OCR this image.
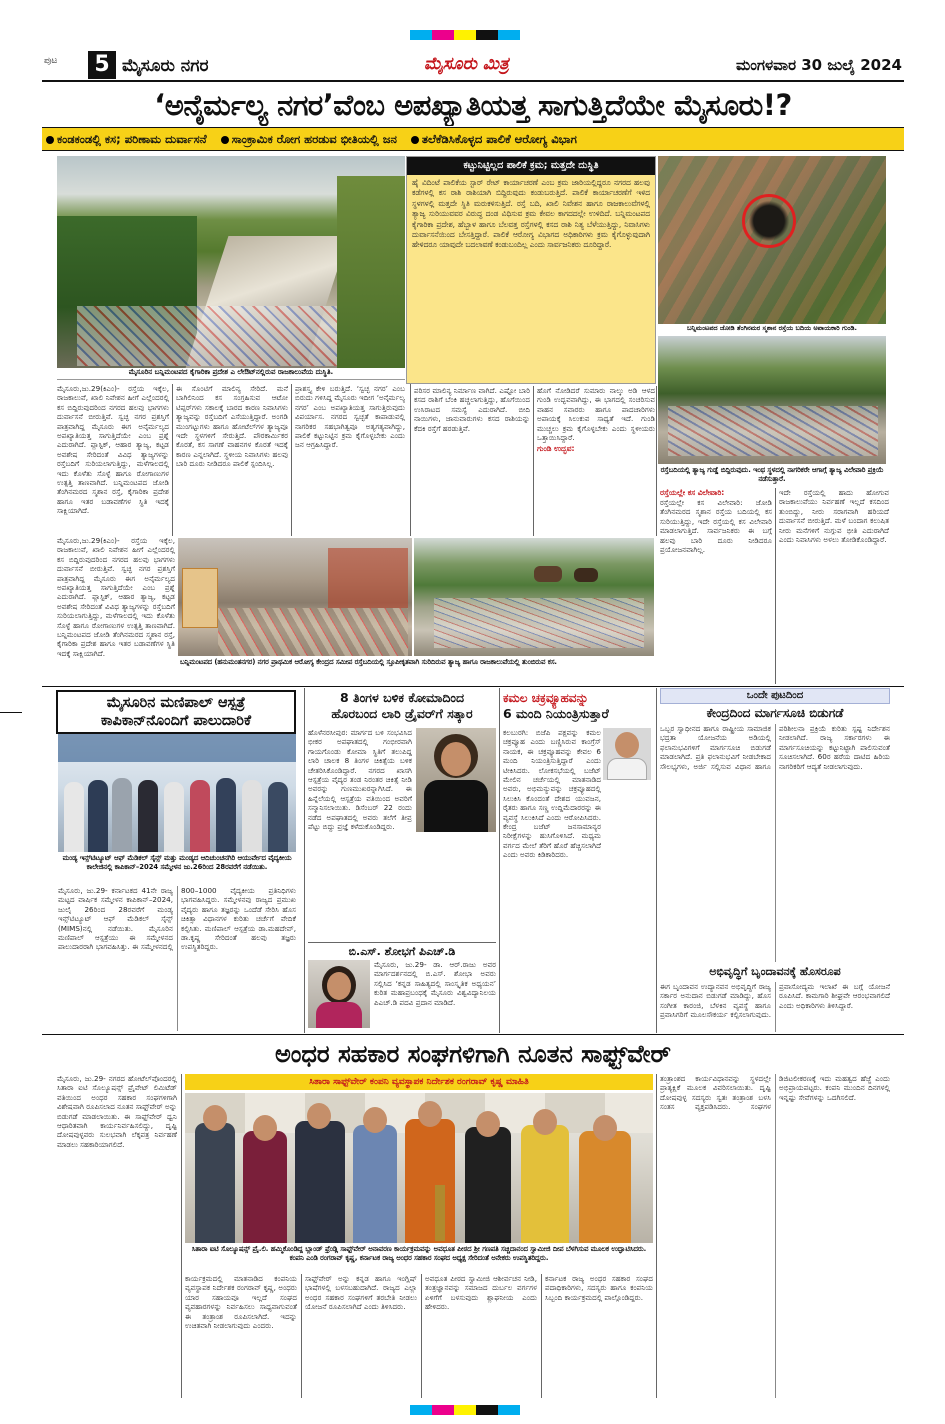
ಪುಟ 5 ಮೈಸೂರು ನಗರ	ಮೈಸೂರು ಮಿತ್ರ	ಮಂಗಳವಾರ 30 ಜುಲೈ 2024
‘ಅನೈರ್ಮಲ್ಯ ನಗರ’ವೆಂಬ ಅಪಖ್ಯಾತಿಯತ್ತ ಸಾಗುತ್ತಿದೆಯೇ ಮೈಸೂರು!?
ಕಂಡಕಂಡಲ್ಲಿ ಕಸ; ಪರಿಣಾಮ ದುರ್ವಾಸನೆ ಸಾಂಕ್ರಾಮಿಕ ರೋಗ ಹರಡುವ ಭೀತಿಯಲ್ಲಿ ಜನ ತಲೆಕೆಡಿಸಿಕೊಳ್ಳದ ಪಾಲಿಕೆ ಆರೋಗ್ಯ ವಿಭಾಗ
ಮೈಸೂರಿನ ಬನ್ನಿಮಂಟಪದ ಕೈಗಾರಿಕಾ ಪ್ರದೇಶ ಎ ಲೇಔಟ್‌ನಲ್ಲಿರುವ ರಾಜಕಾಲುವೆಯ ದುಸ್ಥಿತಿ.
ಕಟ್ಟುನಿಟ್ಟಿಲ್ಲದ ಪಾಲಿಕೆ ಕ್ರಮ; ಮತ್ತದೇ ದುಸ್ಥಿತಿ
ಹೈ ವಿದಿಂಟೆ ಪಾಲಿಕೆಯ ಸ್ಟಾರ್ ರೇಟ್ ಕಾರ್ಯಾಚರಣೆ ಎಂಬ ಕ್ರಮ ಜಾರಿಯಲ್ಲಿದ್ದರೂ ನಗರದ ಹಲವು ಕಡೆಗಳಲ್ಲಿ ಕಸ ರಾಶಿ ರಾಶಿಯಾಗಿ ಬಿದ್ದಿರುವುದು ಕಂಡುಬರುತ್ತಿದೆ. ಪಾಲಿಕೆ ಕಾರ್ಯಾಚರಣೆಗೆ ಇಳಿದ ಸ್ಥಳಗಳಲ್ಲಿ ಮತ್ತದೇ ಸ್ಥಿತಿ ಮರುಕಳಿಸುತ್ತಿದೆ. ರಸ್ತೆ ಬದಿ, ಖಾಲಿ ನಿವೇಶನ ಹಾಗೂ ರಾಜಕಾಲುವೆಗಳಲ್ಲಿ ತ್ಯಾಜ್ಯ ಸುರಿಯುವವರ ವಿರುದ್ಧ ದಂಡ ವಿಧಿಸುವ ಕ್ರಮ ಕೇವಲ ಕಾಗದದಲ್ಲೇ ಉಳಿದಿದೆ. ಬನ್ನಿಮಂಟಪದ ಕೈಗಾರಿಕಾ ಪ್ರದೇಶ, ಹೆಬ್ಬಾಳ ಹಾಗೂ ಬೆಲವತ್ತ ರಸ್ತೆಗಳಲ್ಲಿ ಕಸದ ರಾಶಿ ನಿತ್ಯ ಬೆಳೆಯುತ್ತಿದ್ದು, ನಿವಾಸಿಗಳು ದುರ್ವಾಸನೆಯಿಂದ ಬೇಸತ್ತಿದ್ದಾರೆ. ಪಾಲಿಕೆ ಆರೋಗ್ಯ ವಿಭಾಗದ ಅಧಿಕಾರಿಗಳು ಕ್ರಮ ಕೈಗೊಳ್ಳುವುದಾಗಿ ಹೇಳಿದರೂ ಯಾವುದೇ ಬದಲಾವಣೆ ಕಂಡುಬಂದಿಲ್ಲ ಎಂದು ಸಾರ್ವಜನಿಕರು ದೂರಿದ್ದಾರೆ.
ಬನ್ನಿಮಂಟಪದ ಜೋಡಿ ತೆಂಗಿನಮರ ಸ್ಮಶಾನ ರಸ್ತೆಯ ಬದಿಯ ಅಪಾಯಕಾರಿ ಗುಂಡಿ.
ರಸ್ತೆಬದಿಯಲ್ಲಿ ತ್ಯಾಜ್ಯ ಗುಡ್ಡೆ ಬಿದ್ದಿರುವುದು. ಇಂಥ ಸ್ಥಳದಲ್ಲಿ ನಾಗರಿಕರೇ ಆಗಾಗ್ಗೆ ತ್ಯಾಜ್ಯ ವಿಲೇವಾರಿ ಪ್ರಕ್ರಿಯೆ ನಡೆಸುತ್ತಾರೆ.
ಮೈಸೂರು,ಜು.29(ಕಿಎಂ)- ರಸ್ತೆಯ ಇಕ್ಕೆಲ, ರಾಜಕಾಲುವೆ, ಖಾಲಿ ನಿವೇಶನ ಹೀಗೆ ಎಲ್ಲೆಂದರಲ್ಲಿ ಕಸ ಬಿದ್ದಿರುವುದರಿಂದ ನಗರದ ಹಲವು ಭಾಗಗಳು ದುರ್ವಾಸನೆ ಬೀರುತ್ತಿವೆ. ಸ್ವಚ್ಛ ನಗರ ಪ್ರಶಸ್ತಿಗೆ ಪಾತ್ರವಾಗಿದ್ದ ಮೈಸೂರು ಈಗ ಅನೈರ್ಮಲ್ಯದ ಅಪಖ್ಯಾತಿಯತ್ತ ಸಾಗುತ್ತಿದೆಯೇ ಎಂಬ ಪ್ರಶ್ನೆ ಎದುರಾಗಿದೆ. ಪ್ಲಾಸ್ಟಿಕ್, ಆಹಾರ ತ್ಯಾಜ್ಯ, ಕಟ್ಟಡ ಅವಶೇಷ ಸೇರಿದಂತೆ ವಿವಿಧ ತ್ಯಾಜ್ಯಗಳನ್ನು ರಸ್ತೆಬದಿಗೆ ಸುರಿಯಲಾಗುತ್ತಿದ್ದು, ಮಳೆಗಾಲದಲ್ಲಿ ಇದು ಕೊಳೆತು ಸೊಳ್ಳೆ ಹಾಗೂ ರೋಗಾಣುಗಳ ಉತ್ಪತ್ತಿ ತಾಣವಾಗಿದೆ. ಬನ್ನಿಮಂಟಪದ ಜೋಡಿ ತೆಂಗಿನಮರದ ಸ್ಮಶಾನ ರಸ್ತೆ, ಕೈಗಾರಿಕಾ ಪ್ರದೇಶ ಹಾಗೂ ಇತರ ಬಡಾವಣೆಗಳ ಸ್ಥಿತಿ ಇದಕ್ಕೆ ಸಾಕ್ಷಿಯಾಗಿದೆ.
ಈ ಸೊಂಟಿಗೆ ಮಾಲಿನ್ಯ ಸೇರಿದೆ. ಮನೆ ಬಾಗಿಲಿನಿಂದ ಕಸ ಸಂಗ್ರಹಿಸುವ ಆಟೋ ಟಿಪ್ಪರ್‌ಗಳು ಸಕಾಲಕ್ಕೆ ಬಾರದ ಕಾರಣ ನಿವಾಸಿಗಳು ತ್ಯಾಜ್ಯವನ್ನು ರಸ್ತೆಬದಿಗೆ ಎಸೆಯುತ್ತಿದ್ದಾರೆ. ಅಂಗಡಿ ಮುಂಗಟ್ಟುಗಳು ಹಾಗೂ ಹೋಟೆಲ್‌ಗಳ ತ್ಯಾಜ್ಯವೂ ಇದೇ ಸ್ಥಳಗಳಿಗೆ ಸೇರುತ್ತಿದೆ. ಪೌರಕಾರ್ಮಿಕರ ಕೊರತೆ, ಕಸ ಸಾಗಣೆ ವಾಹನಗಳ ಕೊರತೆ ಇದಕ್ಕೆ ಕಾರಣ ಎನ್ನಲಾಗಿದೆ. ಸ್ಥಳೀಯ ನಿವಾಸಿಗಳು ಹಲವು ಬಾರಿ ದೂರು ನೀಡಿದರೂ ಪಾಲಿಕೆ ಸ್ಪಂದಿಸಿಲ್ಲ.
ಪ್ರಾಶಸ್ತ್ಯ ಕೇಳಿ ಬರುತ್ತಿದೆ. ‘ಸ್ವಚ್ಛ ನಗರ’ ಎಂಬ ಬಿರುದು ಗಳಿಸಿದ್ದ ಮೈಸೂರು ಇದೀಗ ‘ಅನೈರ್ಮಲ್ಯ ನಗರ’ ಎಂಬ ಅಪಖ್ಯಾತಿಯತ್ತ ಸಾಗುತ್ತಿರುವುದು ವಿಪರ್ಯಾಸ. ನಗರದ ಸ್ವಚ್ಛತೆ ಕಾಪಾಡುವಲ್ಲಿ ನಾಗರಿಕರ ಸಹಭಾಗಿತ್ವವೂ ಅತ್ಯಗತ್ಯವಾಗಿದ್ದು, ಪಾಲಿಕೆ ಕಟ್ಟುನಿಟ್ಟಿನ ಕ್ರಮ ಕೈಗೊಳ್ಳಬೇಕು ಎಂದು ಜನ ಆಗ್ರಹಿಸಿದ್ದಾರೆ.
ಪರಿಸರ ಮಾಲಿನ್ಯ ನಿರ್ಮಾಣ ವಾಗಿದೆ. ಎಷ್ಟೋ ಬಾರಿ ಕಸದ ರಾಶಿಗೆ ಬೆಂಕಿ ಹಚ್ಚಲಾಗುತ್ತಿದ್ದು, ಹೊಗೆಯಿಂದ ಉಸಿರಾಟದ ಸಮಸ್ಯೆ ಎದುರಾಗಿದೆ. ಬೀದಿ ನಾಯಿಗಳು, ಜಾನುವಾರುಗಳು ಕಸದ ರಾಶಿಯನ್ನು ಕೆದಕಿ ರಸ್ತೆಗೆ ಹರಡುತ್ತಿವೆ.
ಹೊಗೆ ನೋಡಿದರೆ ಸುಮಾರು ನಾಲ್ಕು ಅಡಿ ಆಳದ ಗುಂಡಿ ಉದ್ಭವವಾಗಿದ್ದು, ಈ ಭಾಗದಲ್ಲಿ ಸಂಚರಿಸುವ ವಾಹನ ಸವಾರರು ಹಾಗೂ ಪಾದಚಾರಿಗಳು ಅಪಾಯಕ್ಕೆ ಸಿಲುಕುವ ಸಾಧ್ಯತೆ ಇದೆ. ಗುಂಡಿ ಮುಚ್ಚಲು ಕ್ರಮ ಕೈಗೊಳ್ಳಬೇಕು ಎಂದು ಸ್ಥಳೀಯರು ಒತ್ತಾಯಿಸಿದ್ದಾರೆ.
ಗುಂಡಿ ಉದ್ಭವ:
ರಸ್ತೆಯಲ್ಲೇ ಕಸ ವಿಲೇವಾರಿ:
ರಸ್ತೆಯಲ್ಲೇ ಕಸ ವಿಲೇವಾರಿ: ಜೋಡಿ ತೆಂಗಿನಮರದ ಸ್ಮಶಾನ ರಸ್ತೆಯ ಬದಿಯಲ್ಲಿ ಕಸ ಸುರಿಯುತ್ತಿದ್ದು, ಇದೇ ರಸ್ತೆಯಲ್ಲಿ ಕಸ ವಿಲೇವಾರಿ ಮಾಡಲಾಗುತ್ತಿದೆ. ಸಾರ್ವಜನಿಕರು ಈ ಬಗ್ಗೆ ಹಲವು ಬಾರಿ ದೂರು ನೀಡಿದರೂ ಪ್ರಯೋಜನವಾಗಿಲ್ಲ.
ಇದೇ ರಸ್ತೆಯಲ್ಲಿ ಹಾದು ಹೋಗುವ ರಾಜಕಾಲುವೆಯು ನಿರ್ವಹಣೆ ಇಲ್ಲದೆ ಕಸದಿಂದ ತುಂಬಿದ್ದು, ನೀರು ಸರಾಗವಾಗಿ ಹರಿಯದೆ ದುರ್ವಾಸನೆ ಬೀರುತ್ತಿದೆ. ಮಳೆ ಬಂದಾಗ ಕಲುಷಿತ ನೀರು ಮನೆಗಳಿಗೆ ನುಗ್ಗುವ ಭೀತಿ ಎದುರಾಗಿದೆ ಎಂದು ನಿವಾಸಿಗಳು ಅಳಲು ತೋಡಿಕೊಂಡಿದ್ದಾರೆ.
ಮೈಸೂರು,ಜು.29(ಕಿಎಂ)- ರಸ್ತೆಯ ಇಕ್ಕೆಲ, ರಾಜಕಾಲುವೆ, ಖಾಲಿ ನಿವೇಶನ ಹೀಗೆ ಎಲ್ಲೆಂದರಲ್ಲಿ ಕಸ ಬಿದ್ದಿರುವುದರಿಂದ ನಗರದ ಹಲವು ಭಾಗಗಳು ದುರ್ವಾಸನೆ ಬೀರುತ್ತಿವೆ. ಸ್ವಚ್ಛ ನಗರ ಪ್ರಶಸ್ತಿಗೆ ಪಾತ್ರವಾಗಿದ್ದ ಮೈಸೂರು ಈಗ ಅನೈರ್ಮಲ್ಯದ ಅಪಖ್ಯಾತಿಯತ್ತ ಸಾಗುತ್ತಿದೆಯೇ ಎಂಬ ಪ್ರಶ್ನೆ ಎದುರಾಗಿದೆ. ಪ್ಲಾಸ್ಟಿಕ್, ಆಹಾರ ತ್ಯಾಜ್ಯ, ಕಟ್ಟಡ ಅವಶೇಷ ಸೇರಿದಂತೆ ವಿವಿಧ ತ್ಯಾಜ್ಯಗಳನ್ನು ರಸ್ತೆಬದಿಗೆ ಸುರಿಯಲಾಗುತ್ತಿದ್ದು, ಮಳೆಗಾಲದಲ್ಲಿ ಇದು ಕೊಳೆತು ಸೊಳ್ಳೆ ಹಾಗೂ ರೋಗಾಣುಗಳ ಉತ್ಪತ್ತಿ ತಾಣವಾಗಿದೆ. ಬನ್ನಿಮಂಟಪದ ಜೋಡಿ ತೆಂಗಿನಮರದ ಸ್ಮಶಾನ ರಸ್ತೆ, ಕೈಗಾರಿಕಾ ಪ್ರದೇಶ ಹಾಗೂ ಇತರ ಬಡಾವಣೆಗಳ ಸ್ಥಿತಿ ಇದಕ್ಕೆ ಸಾಕ್ಷಿಯಾಗಿದೆ.
ಬನ್ನಿಮಂಟಪದ (ಹನುಮಂತನಗರ) ನಗರ ಪ್ರಾಥಮಿಕ ಆರೋಗ್ಯ ಕೇಂದ್ರದ ಸಮೀಪ ರಸ್ತೆಬದಿಯಲ್ಲಿ ಸ್ತೂಪೀಕೃತವಾಗಿ ಸುರಿದಿರುವ ತ್ಯಾಜ್ಯ ಹಾಗೂ ರಾಜಕಾಲುವೆಯಲ್ಲಿ ತುಂಬಿರುವ ಕಸ.
ಮೈಸೂರಿನ ಮಣಿಪಾಲ್ ಆಸ್ಪತ್ರೆ
ಕಾಪಿಕಾನ್‌ನೊಂದಿಗೆ ಪಾಲುದಾರಿಕೆ
ಮಂಡ್ಯ ಇನ್ಸ್‌ಟಿಟ್ಯೂಟ್ ಆಫ್ ಮೆಡಿಕಲ್ ಸೈನ್ಸ್ ಮತ್ತು ಮಂಡ್ಯದ ಆದಿಚುಂಚನಗಿರಿ ಆಯುರ್ವೇದ ವೈದ್ಯಕೀಯ ಕಾಲೇಜಿನಲ್ಲಿ ಕಾಪಿಕಾನ್–2024 ಸಮ್ಮೇಳನ ಜು.26ರಿಂದ 28ರವರೆಗೆ ನಡೆಯಿತು.
ಮೈಸೂರು, ಜು.29- ಕರ್ನಾಟಕದ 41ನೇ ರಾಜ್ಯ ಮಟ್ಟದ ವಾರ್ಷಿಕ ಸಮ್ಮೇಳನ ಕಾಪಿಕಾನ್–2024, ಜುಲೈ 26ರಿಂದ 28ರವರೆಗೆ ಮಂಡ್ಯ ಇನ್ಸ್‌ಟಿಟ್ಯೂಟ್ ಆಫ್ ಮೆಡಿಕಲ್ ಸೈನ್ಸ್ (MIMS)ನಲ್ಲಿ ನಡೆಯಿತು. ಮೈಸೂರಿನ ಮಣಿಪಾಲ್ ಆಸ್ಪತ್ರೆಯು ಈ ಸಮ್ಮೇಳನದ ಪಾಲುದಾರರಾಗಿ ಭಾಗವಹಿಸಿತ್ತು. ಈ ಸಮ್ಮೇಳನದಲ್ಲಿ 800–1000 ವೈದ್ಯಕೀಯ ಪ್ರತಿನಿಧಿಗಳು ಭಾಗವಹಿಸಿದ್ದರು. ಸಮ್ಮೇಳನವು ರಾಜ್ಯದ ಪ್ರಮುಖ ವೈದ್ಯರು ಹಾಗೂ ತಜ್ಞರನ್ನು ಒಂದೆಡೆ ಸೇರಿಸಿ ಹೊಸ ಚಿಕಿತ್ಸಾ ವಿಧಾನಗಳ ಕುರಿತು ಚರ್ಚೆಗೆ ವೇದಿಕೆ ಕಲ್ಪಿಸಿತು. ಮಣಿಪಾಲ್ ಆಸ್ಪತ್ರೆಯ ಡಾ.ಮಹದೇವ್, ಡಾ.ಕೃಷ್ಣ ಸೇರಿದಂತೆ ಹಲವು ತಜ್ಞರು ಉಪಸ್ಥಿತರಿದ್ದರು.
8 ತಿಂಗಳ ಬಳಿಕ ಕೋಮಾದಿಂದ
ಹೊರಬಂದ ಲಾರಿ ಡ್ರೈವರ್‌ಗೆ ಸತ್ಕಾರ
ಹೊಳೆನರಸೀಪುರ: ಮಾರ್ಗದ ಬಳಿ ಸಂಭವಿಸಿದ ಭೀಕರ ಅಪಘಾತದಲ್ಲಿ ಗಂಭೀರವಾಗಿ ಗಾಯಗೊಂಡು ಕೋಮಾ ಸ್ಥಿತಿಗೆ ತಲುಪಿದ್ದ ಲಾರಿ ಚಾಲಕ 8 ತಿಂಗಳ ಚಿಕಿತ್ಸೆಯ ಬಳಿಕ ಚೇತರಿಸಿಕೊಂಡಿದ್ದಾರೆ. ನಗರದ ಖಾಸಗಿ ಆಸ್ಪತ್ರೆಯ ವೈದ್ಯರ ತಂಡ ನಿರಂತರ ಚಿಕಿತ್ಸೆ ನೀಡಿ ಅವರನ್ನು ಗುಣಮುಖರನ್ನಾಗಿಸಿದೆ. ಈ ಹಿನ್ನೆಲೆಯಲ್ಲಿ ಆಸ್ಪತ್ರೆಯ ವತಿಯಿಂದ ಅವರಿಗೆ ಸನ್ಮಾನಿಸಲಾಯಿತು. ಡಿಸೆಂಬರ್ 22 ರಂದು ನಡೆದ ಅಪಘಾತದಲ್ಲಿ ಅವರು ತಲೆಗೆ ತೀವ್ರ ಪೆಟ್ಟು ಬಿದ್ದು ಪ್ರಜ್ಞೆ ಕಳೆದುಕೊಂಡಿದ್ದರು.
ಬಿ.ಎಸ್. ಶೋಭಗೆ ಪಿಎಚ್.ಡಿ
ಮೈಸೂರು, ಜು.29- ಡಾ. ಆರ್.ರಾಜು ಅವರ ಮಾರ್ಗದರ್ಶನದಲ್ಲಿ ಬಿ.ಎಸ್. ಶೋಭಾ ಅವರು ಸಲ್ಲಿಸಿದ ‘ಕನ್ನಡ ಸಾಹಿತ್ಯದಲ್ಲಿ ಸಾಂಸ್ಕೃತಿಕ ಅಧ್ಯಯನ’ ಕುರಿತ ಮಹಾಪ್ರಬಂಧಕ್ಕೆ ಮೈಸೂರು ವಿಶ್ವವಿದ್ಯಾನಿಲಯ ಪಿಎಚ್.ಡಿ ಪದವಿ ಪ್ರದಾನ ಮಾಡಿದೆ.
ಕಮಲ ಚಕ್ರವ್ಯೂಹವನ್ನು
6 ಮಂದಿ ನಿಯಂತ್ರಿಸುತ್ತಾರೆ
ಕಲಬುರಗಿ: ಬಿಜೆಪಿ ಪಕ್ಷವನ್ನು ಕಮಲ ಚಕ್ರವ್ಯೂಹ ಎಂದು ಬಣ್ಣಿಸಿರುವ ಕಾಂಗ್ರೆಸ್ ನಾಯಕ, ಈ ಚಕ್ರವ್ಯೂಹವನ್ನು ಕೇವಲ 6 ಮಂದಿ ನಿಯಂತ್ರಿಸುತ್ತಿದ್ದಾರೆ ಎಂದು ಟೀಕಿಸಿದರು. ಲೋಕಸಭೆಯಲ್ಲಿ ಬಜೆಟ್ ಮೇಲಿನ ಚರ್ಚೆಯಲ್ಲಿ ಮಾತನಾಡಿದ ಅವರು, ಅಭಿಮನ್ಯುವನ್ನು ಚಕ್ರವ್ಯೂಹದಲ್ಲಿ ಸಿಲುಕಿಸಿ ಕೊಂದಂತೆ ದೇಶದ ಯುವಜನ, ರೈತರು ಹಾಗೂ ಸಣ್ಣ ಉದ್ದಿಮೆದಾರರನ್ನು ಈ ವ್ಯವಸ್ಥೆ ಸಿಲುಕಿಸಿದೆ ಎಂದು ಆರೋಪಿಸಿದರು. ಕೇಂದ್ರ ಬಜೆಟ್ ಜನಸಾಮಾನ್ಯರ ನಿರೀಕ್ಷೆಗಳನ್ನು ಹುಸಿಗೊಳಿಸಿದೆ. ಮಧ್ಯಮ ವರ್ಗದ ಮೇಲೆ ತೆರಿಗೆ ಹೊರೆ ಹೆಚ್ಚಿಸಲಾಗಿದೆ ಎಂದು ಅವರು ಕಿಡಿಕಾರಿದರು.
ಒಂದೇ ಪುಟದಿಂದ
ಕೇಂದ್ರದಿಂದ ಮಾರ್ಗಸೂಚಿ ಬಿಡುಗಡೆ
ಒಬ್ಬರ ಸ್ವಾಧೀನದ ಹಾಗೂ ರಾಷ್ಟ್ರೀಯ ಸಾಮಾಜಿಕ ಭದ್ರತಾ ಯೋಜನೆಯ ಅಡಿಯಲ್ಲಿ ಫಲಾನುಭವಿಗಳಿಗೆ ಮಾರ್ಗಸೂಚಿ ಬಿಡುಗಡೆ ಮಾಡಲಾಗಿದೆ. ಪ್ರತಿ ಫಲಾನುಭವಿಗೆ ನೀಡಬೇಕಾದ ಸೌಲಭ್ಯಗಳು, ಅರ್ಜಿ ಸಲ್ಲಿಸುವ ವಿಧಾನ ಹಾಗೂ ಪರಿಶೀಲನಾ ಪ್ರಕ್ರಿಯೆ ಕುರಿತು ಸ್ಪಷ್ಟ ನಿರ್ದೇಶನ ನೀಡಲಾಗಿದೆ. ರಾಜ್ಯ ಸರ್ಕಾರಗಳು ಈ ಮಾರ್ಗಸೂಚಿಯನ್ನು ಕಟ್ಟುನಿಟ್ಟಾಗಿ ಪಾಲಿಸುವಂತೆ ಸೂಚಿಸಲಾಗಿದೆ. 60ರ ಹರೆಯ ದಾಟಿದ ಹಿರಿಯ ನಾಗರಿಕರಿಗೆ ಆದ್ಯತೆ ನೀಡಲಾಗುವುದು.
ಅಭಿವೃದ್ಧಿಗೆ ಬೃಂದಾವನಕ್ಕೆ ಹೊಸರೂಪ
ಈಗ ಬೃಂದಾವನ ಉದ್ಯಾನವನ ಅಭಿವೃದ್ಧಿಗೆ ರಾಜ್ಯ ಸರ್ಕಾರ ಅನುದಾನ ಬಿಡುಗಡೆ ಮಾಡಿದ್ದು, ಹೊಸ ಸಂಗೀತ ಕಾರಂಜಿ, ಬೆಳಕಿನ ವ್ಯವಸ್ಥೆ ಹಾಗೂ ಪ್ರವಾಸಿಗರಿಗೆ ಮೂಲಸೌಕರ್ಯ ಕಲ್ಪಿಸಲಾಗುವುದು. ಪ್ರವಾಸೋದ್ಯಮ ಇಲಾಖೆ ಈ ಬಗ್ಗೆ ಯೋಜನೆ ರೂಪಿಸಿದೆ. ಕಾಮಗಾರಿ ಶೀಘ್ರವೇ ಆರಂಭವಾಗಲಿದೆ ಎಂದು ಅಧಿಕಾರಿಗಳು ತಿಳಿಸಿದ್ದಾರೆ.
ಅಂಧರ ಸಹಕಾರ ಸಂಘಗಳಿಗಾಗಿ ನೂತನ ಸಾಫ್ಟ್‌ವೇರ್
ಮೈಸೂರು, ಜು.29- ನಗರದ ಹೋಟೆಲ್‌ವೊಂದರಲ್ಲಿ ಸಿತಾರಾ ಐಟಿ ಸೊಲ್ಯೂಷನ್ಸ್ ಪ್ರೈವೇಟ್ ಲಿಮಿಟೆಡ್ ವತಿಯಿಂದ ಅಂಧರ ಸಹಕಾರ ಸಂಘಗಳಿಗಾಗಿ ವಿಶೇಷವಾಗಿ ರೂಪಿಸಲಾದ ನೂತನ ಸಾಫ್ಟ್‌ವೇರ್ ಅನ್ನು ಬಿಡುಗಡೆ ಮಾಡಲಾಯಿತು. ಈ ಸಾಫ್ಟ್‌ವೇರ್ ಧ್ವನಿ ಆಧಾರಿತವಾಗಿ ಕಾರ್ಯನಿರ್ವಹಿಸಲಿದ್ದು, ದೃಷ್ಟಿ ದೋಷವುಳ್ಳವರು ಸುಲಭವಾಗಿ ಲೆಕ್ಕಪತ್ರ ನಿರ್ವಹಣೆ ಮಾಡಲು ಸಹಕಾರಿಯಾಗಲಿದೆ.
ಸಿತಾರಾ ಸಾಫ್ಟ್‌ವೇರ್ ಕಂಪನಿ ವ್ಯವಸ್ಥಾಪಕ ನಿರ್ದೇಶಕ ರಂಗರಾವ್ ಕೃಷ್ಣ ಮಾಹಿತಿ
ಸಿತಾರಾ ಐಟಿ ಸೊಲ್ಯೂಷನ್ಸ್ ಪ್ರೈ.ಲಿ. ಹಮ್ಮಿಕೊಂಡಿದ್ದ ಬ್ಲಾಂಡ್ ಫ್ರೆಂಡ್ಲಿ ಸಾಫ್ಟ್‌ವೇರ್ ಅನಾವರಣ ಕಾರ್ಯಕ್ರಮವನ್ನು ಅವಧೂತ ಪೀಠದ ಶ್ರೀ ಗಣಪತಿ ಸಚ್ಚಿದಾನಂದ ಸ್ವಾಮೀಜಿ ದೀಪ ಬೆಳಗಿಸುವ ಮೂಲಕ ಉದ್ಘಾಟಿಸಿದರು. ಕಂಪನಿ ಎಂಡಿ ರಂಗರಾವ್ ಕೃಷ್ಣ, ಕರ್ನಾಟಕ ರಾಜ್ಯ ಅಂಧರ ಸಹಕಾರ ಸಂಘದ ಅಧ್ಯಕ್ಷ ಸೇರಿದಂತೆ ಅನೇಕರು ಉಪಸ್ಥಿತರಿದ್ದರು.
ಕಾರ್ಯಕ್ರಮದಲ್ಲಿ ಮಾತನಾಡಿದ ಕಂಪನಿಯ ವ್ಯವಸ್ಥಾಪಕ ನಿರ್ದೇಶಕ ರಂಗರಾವ್ ಕೃಷ್ಣ, ಅಂಧರು ಯಾರ ಸಹಾಯವೂ ಇಲ್ಲದೆ ಸಂಘದ ವ್ಯವಹಾರಗಳನ್ನು ನಿರ್ವಹಿಸಲು ಸಾಧ್ಯವಾಗುವಂತೆ ಈ ತಂತ್ರಾಂಶ ರೂಪಿಸಲಾಗಿದೆ. ಇದನ್ನು ಉಚಿತವಾಗಿ ನೀಡಲಾಗುವುದು ಎಂದರು.
ಸಾಫ್ಟ್‌ವೇರ್ ಅನ್ನು ಕನ್ನಡ ಹಾಗೂ ಇಂಗ್ಲಿಷ್ ಭಾಷೆಗಳಲ್ಲಿ ಬಳಸಬಹುದಾಗಿದೆ. ರಾಜ್ಯದ ಎಲ್ಲಾ ಅಂಧರ ಸಹಕಾರ ಸಂಘಗಳಿಗೆ ತರಬೇತಿ ನೀಡಲು ಯೋಜನೆ ರೂಪಿಸಲಾಗಿದೆ ಎಂದು ತಿಳಿಸಿದರು.
ಅವಧೂತ ಪೀಠದ ಸ್ವಾಮೀಜಿ ಆಶೀರ್ವಚನ ನೀಡಿ, ತಂತ್ರಜ್ಞಾನವನ್ನು ಸಮಾಜದ ದುರ್ಬಲ ವರ್ಗಗಳ ಏಳಿಗೆಗೆ ಬಳಸುವುದು ಶ್ಲಾಘನೀಯ ಎಂದು ಹೇಳಿದರು.
ಕರ್ನಾಟಕ ರಾಜ್ಯ ಅಂಧರ ಸಹಕಾರ ಸಂಘದ ಪದಾಧಿಕಾರಿಗಳು, ಸದಸ್ಯರು ಹಾಗೂ ಕಂಪನಿಯ ಸಿಬ್ಬಂದಿ ಕಾರ್ಯಕ್ರಮದಲ್ಲಿ ಪಾಲ್ಗೊಂಡಿದ್ದರು.
ತಂತ್ರಾಂಶದ ಕಾರ್ಯವಿಧಾನವನ್ನು ಸ್ಥಳದಲ್ಲೇ ಪ್ರಾತ್ಯಕ್ಷಿಕೆ ಮೂಲಕ ವಿವರಿಸಲಾಯಿತು. ದೃಷ್ಟಿ ದೋಷವುಳ್ಳ ಸದಸ್ಯರು ಸ್ವತಃ ತಂತ್ರಾಂಶ ಬಳಸಿ ಸಂತಸ ವ್ಯಕ್ತಪಡಿಸಿದರು. ಸಂಘಗಳ ಡಿಜಿಟಲೀಕರಣಕ್ಕೆ ಇದು ಮಹತ್ವದ ಹೆಜ್ಜೆ ಎಂದು ಅಭಿಪ್ರಾಯಪಟ್ಟರು. ಕಂಪನಿ ಮುಂದಿನ ದಿನಗಳಲ್ಲಿ ಇನ್ನಷ್ಟು ಸೇವೆಗಳನ್ನು ಒದಗಿಸಲಿದೆ.
